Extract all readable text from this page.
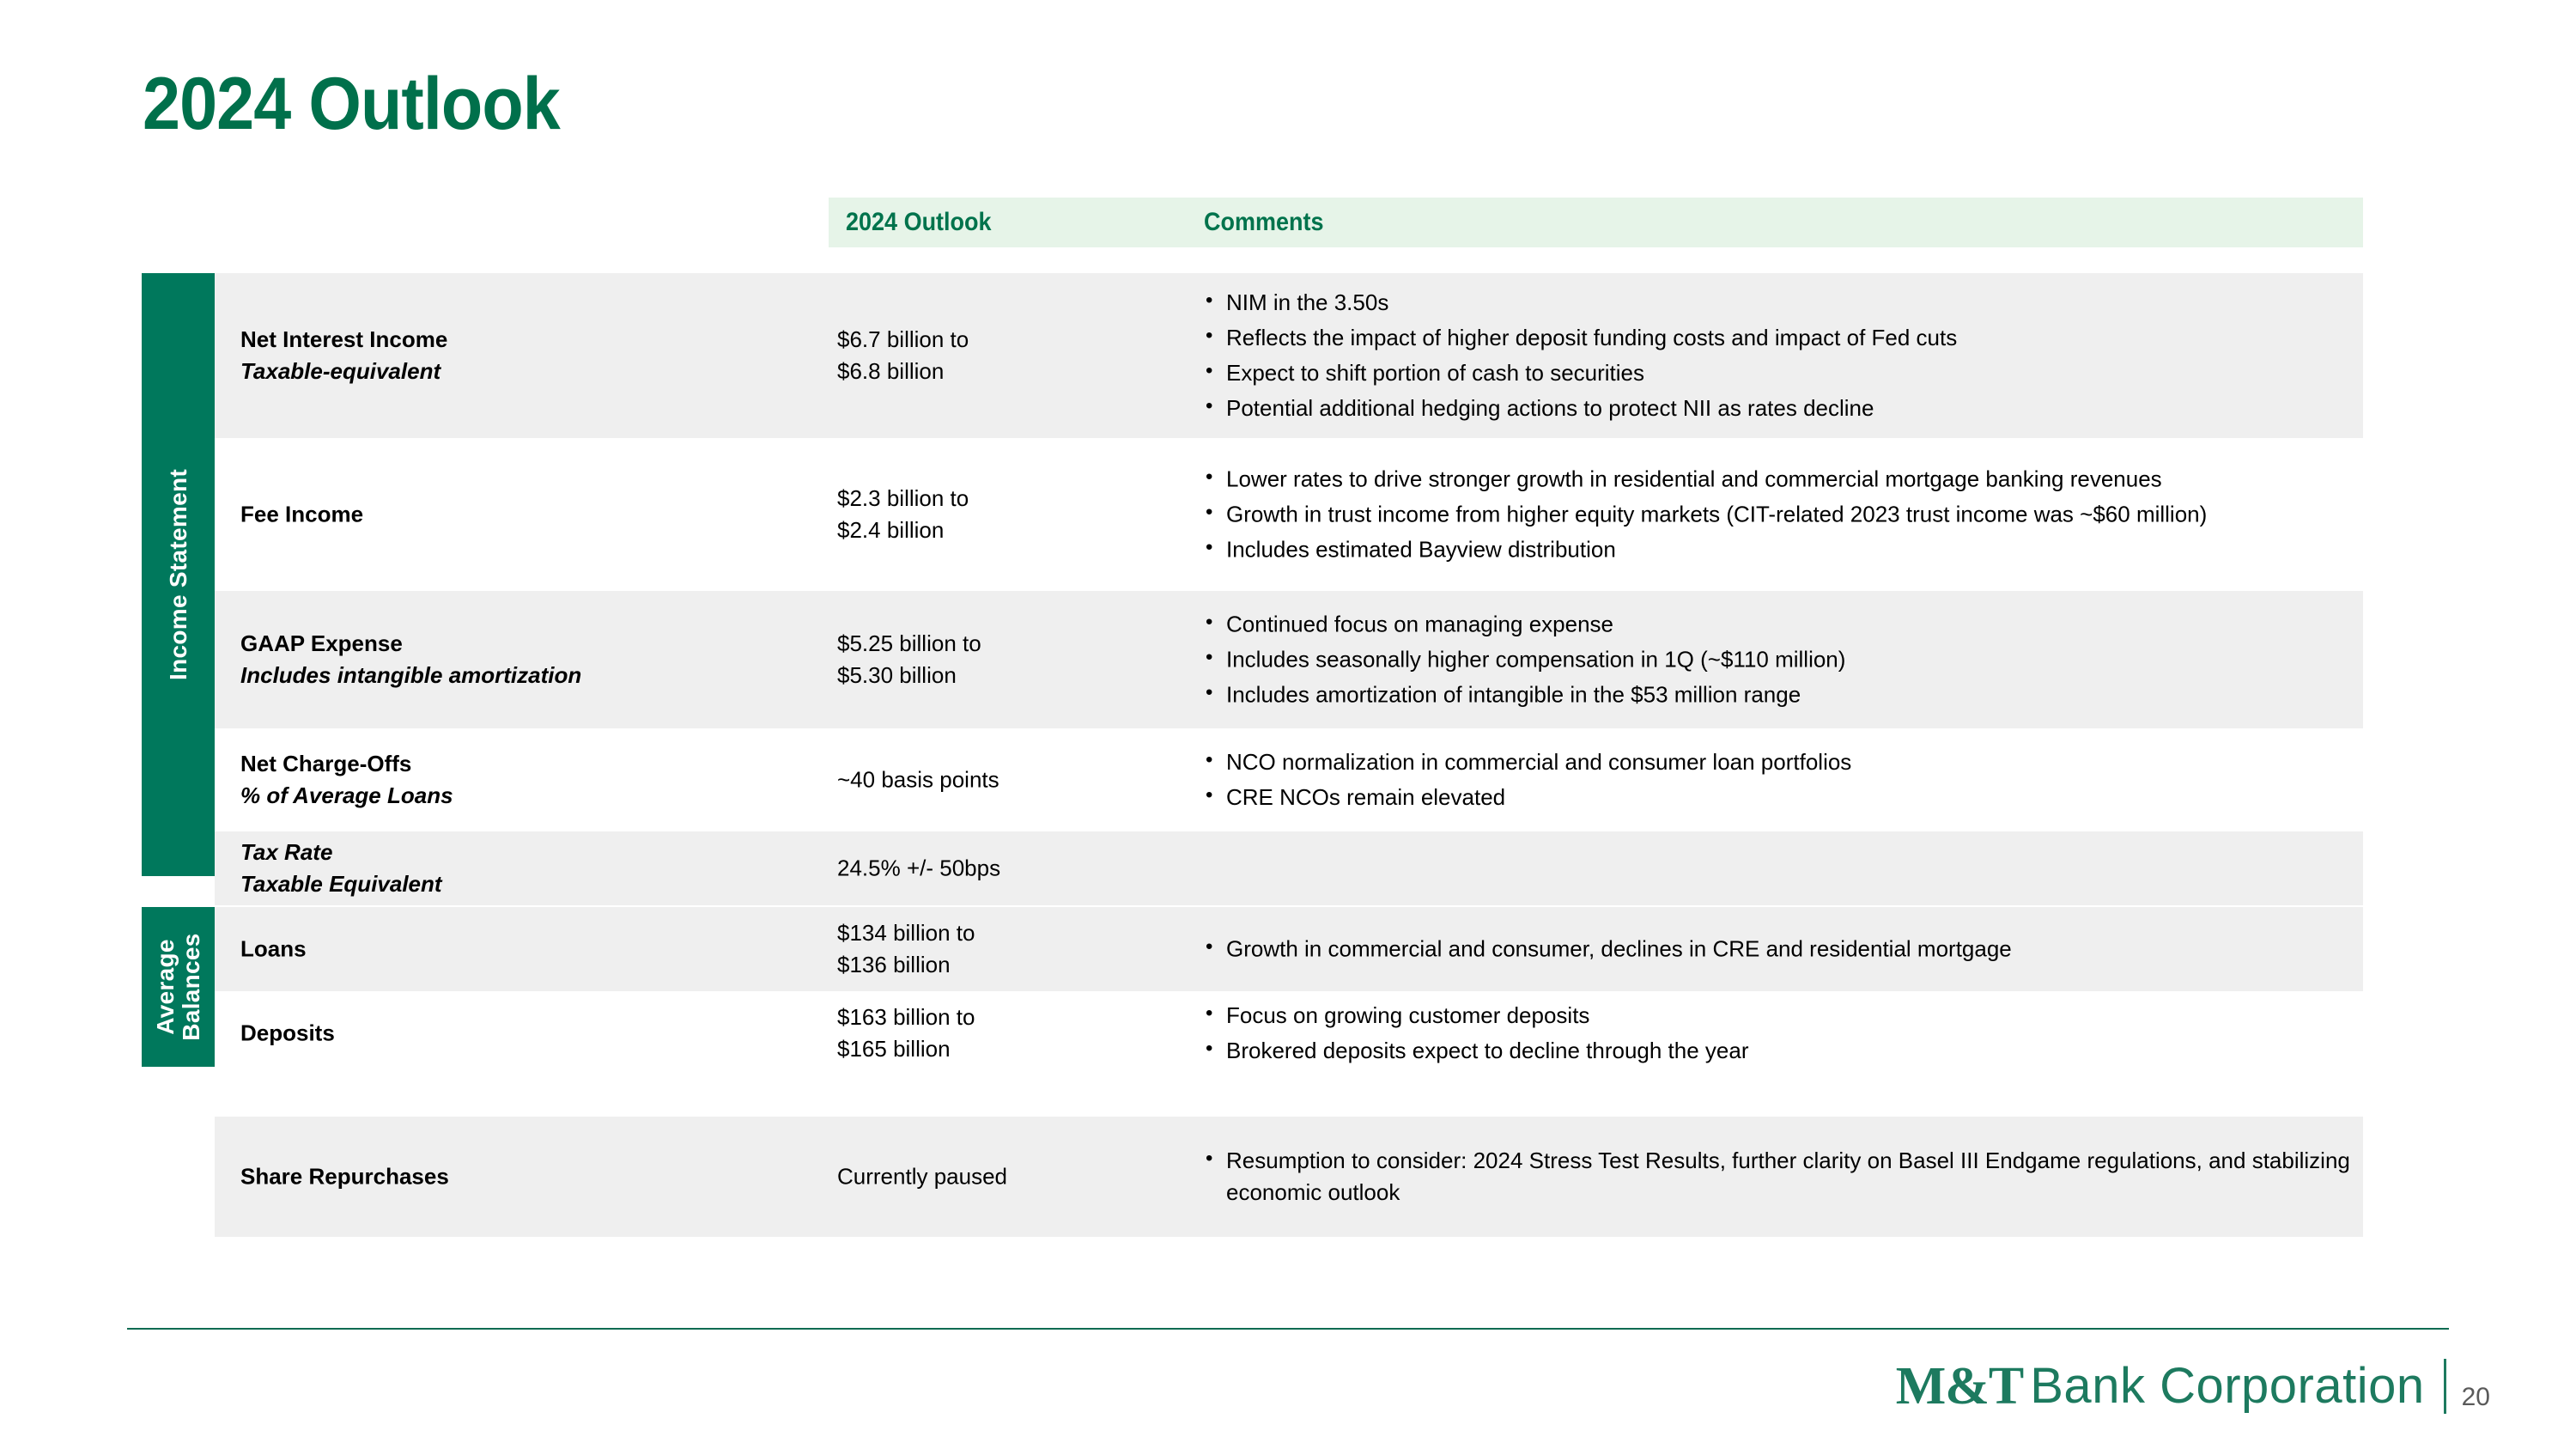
2024 Outlook
2024 Outlook	Comments
Income Statement
Average Balances
Net Interest Income
Taxable-equivalent
$6.7 billion to
$6.8 billion
• NIM in the 3.50s
• Reflects the impact of higher deposit funding costs and impact of Fed cuts
• Expect to shift portion of cash to securities
• Potential additional hedging actions to protect NII as rates decline
Fee Income
$2.3 billion to
$2.4 billion
• Lower rates to drive stronger growth in residential and commercial mortgage banking revenues
• Growth in trust income from higher equity markets (CIT-related 2023 trust income was ~$60 million)
• Includes estimated Bayview distribution
GAAP Expense
Includes intangible amortization
$5.25 billion to
$5.30 billion
• Continued focus on managing expense
• Includes seasonally higher compensation in 1Q (~$110 million)
• Includes amortization of intangible in the $53 million range
Net Charge-Offs
% of Average Loans
~40 basis points
• NCO normalization in commercial and consumer loan portfolios
• CRE NCOs remain elevated
Tax Rate
Taxable Equivalent
24.5% +/- 50bps
Loans
$134 billion to
$136 billion
• Growth in commercial and consumer, declines in CRE and residential mortgage
Deposits
$163 billion to
$165 billion
• Focus on growing customer deposits
• Brokered deposits expect to decline through the year
Share Repurchases	Currently paused
• Resumption to consider: 2024 Stress Test Results, further clarity on Basel III Endgame regulations, and stabilizing economic outlook
M&T Bank Corporation 20
